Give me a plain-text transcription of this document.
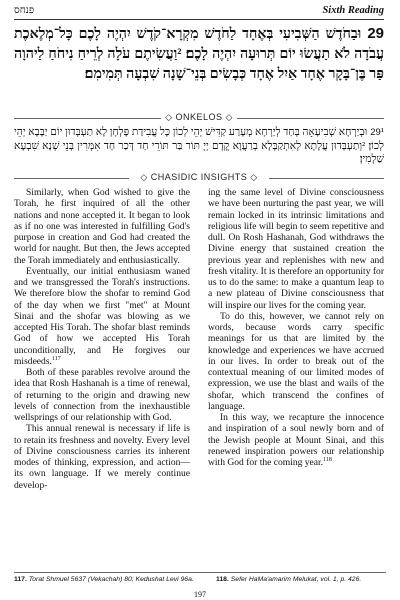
פנחס	Sixth Reading
29וּבַחֹדֶשׁ הַשְּׁבִיעִי בְּאֶחָד לַחֹדֶשׁ מִקְרָא־קֹדֶשׁ יִהְיֶה לָכֶם כָּל־מְלֶאכֶת עֲבֹדָה לֹא תַעֲשׂוּ יוֹם תְּרוּעָה יִהְיֶה לָכֶם׃ ²וַעֲשִׂיתֶם עֹלָה לְרֵיחַ נִיחֹחַ לַיהוָה פַּר בֶּן־בָּקָר אֶחָד אַיִל אֶחָד כְּבָשִׂים בְּנֵי־שָׁנָה שִׁבְעָה תְּמִימִם׃
◇ ONKELOS ◇
29¹וּבְיַרְחָא שְׁבִיעָאָה בְּחַד לְיַרְחָא מְעָרַע קַדִּישׁ יְהֵי לְכוֹן כָּל עֲבִידַת פָּלְחָן לָא תַעְבְּדוּן יוֹם יַבָּבָא יְהֵי לְכוֹן׃ ²וְתַעְבְּדוּן עֲלָתָא לְאִתְקַבָּלָא בְרַעֲוָא קֳדָם יְיָ תּוֹר בַּר תּוֹרֵי חַד דְּכַר חַד אִמְּרִין בְּנֵי שְׁנָא שִׁבְעָא שַׁלְמִין׃
◇ CHASIDIC INSIGHTS ◇

Similarly, when God wished to give the Torah, he first inquired of all the other nations and none accepted it. It began to look as if no one was interested in fulfilling God's purpose in creation and God had created the world for naught. But then, the Jews accepted the Torah immediately and enthusiastically.

Eventually, our initial enthusiasm waned and we transgressed the Torah's instructions. We therefore blow the shofar to remind God of the day when we first "met" at Mount Sinai and the shofar was blowing as we accepted His Torah. The shofar blast reminds God of how we accepted His Torah unconditionally, and He forgives our misdeeds.$^{117}$

Both of these parables revolve around the idea that Rosh Hashanah is a time of renewal, of returning to the origin and drawing new levels of connection from the inexhaustible wellsprings of our relationship with God.

This annual renewal is necessary if life is to retain its freshness and novelty. Every level of Divine consciousness carries its inherent modes of thinking, expression, and action—its own language. If we merely continue develop-

ing the same level of Divine consciousness we have been nurturing the past year, we will remain locked in its intrinsic limitations and religious life will begin to seem repetitive and dull. On Rosh Hashanah, God withdraws the Divine energy that sustained creation the previous year and replenishes with new and fresh vitality. It is therefore an opportunity for us to do the same: to make a quantum leap to a new plateau of Divine consciousness that will inspire our lives for the coming year.

To do this, however, we cannot rely on words, because words carry specific meanings for us that are limited by the knowledge and experiences we have accrued in our lives. In order to break out of the contextual meaning of our limited modes of expression, we use the blast and wails of the shofar, which transcend the confines of language.

In this way, we recapture the innocence and inspiration of a soul newly born and of the Jewish people at Mount Sinai, and this renewed inspiration powers our relationship with God for the coming year.$^{118}$

117. Torat Shmuel 5637 (Vekachah) 80; Kedushat Levi 96a.	118. Sefer HaMa'amarim Melukat, vol. 1, p. 426.
197
